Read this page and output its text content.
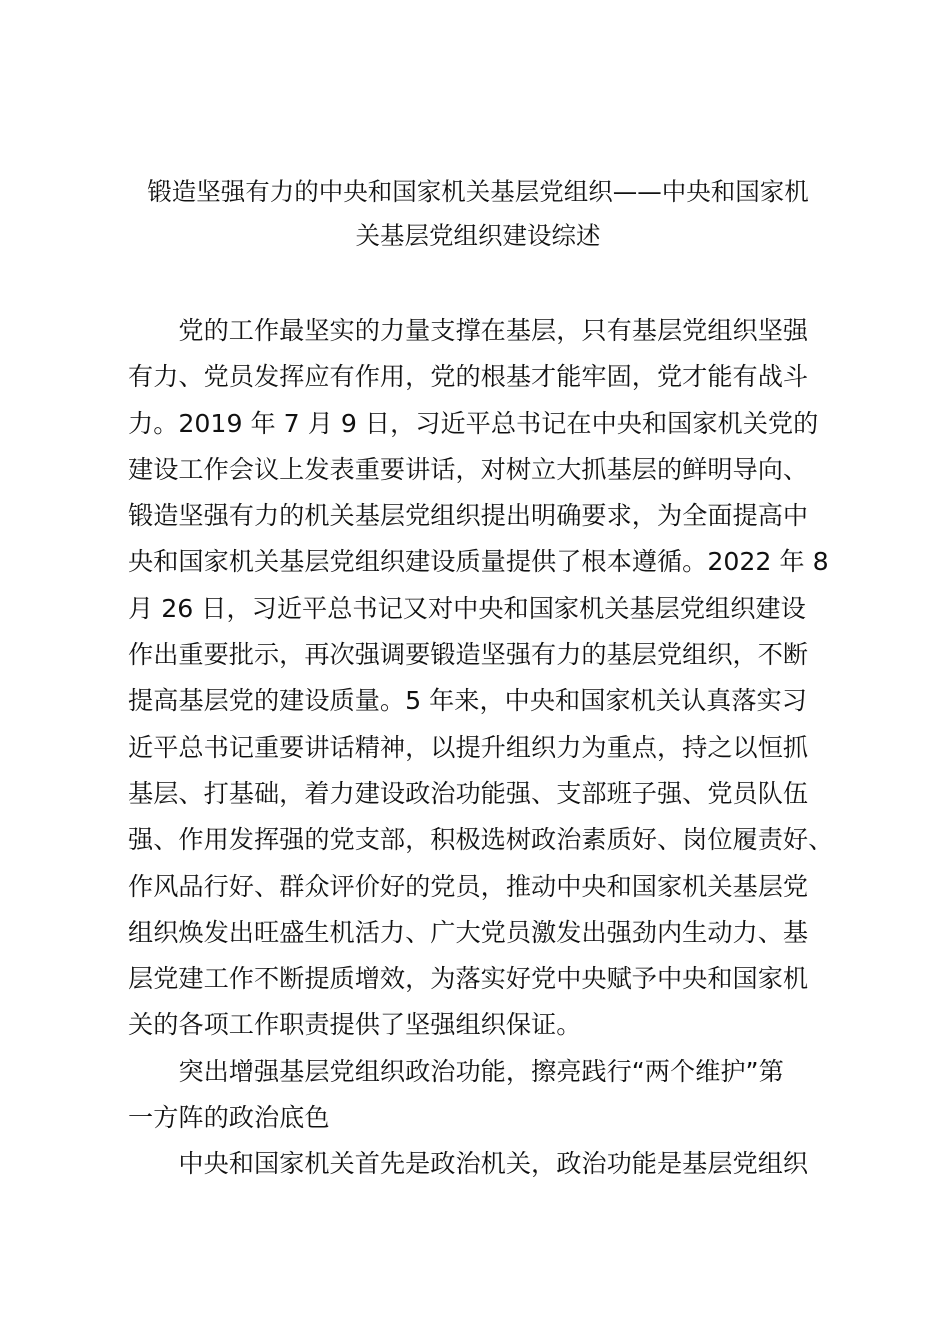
锻造坚强有力的中央和国家机关基层党组织——中央和国家机
关基层党组织建设综述
　　党的工作最坚实的力量支撑在基层，只有基层党组织坚强
有力、党员发挥应有作用，党的根基才能牢固，党才能有战斗
力。2019 年 7 月 9 日，习近平总书记在中央和国家机关党的
建设工作会议上发表重要讲话，对树立大抓基层的鲜明导向、
锻造坚强有力的机关基层党组织提出明确要求，为全面提高中
央和国家机关基层党组织建设质量提供了根本遵循。2022 年 8
月 26 日，习近平总书记又对中央和国家机关基层党组织建设
作出重要批示，再次强调要锻造坚强有力的基层党组织，不断
提高基层党的建设质量。5 年来，中央和国家机关认真落实习
近平总书记重要讲话精神，以提升组织力为重点，持之以恒抓
基层、打基础，着力建设政治功能强、支部班子强、党员队伍
强、作用发挥强的党支部，积极选树政治素质好、岗位履责好、
作风品行好、群众评价好的党员，推动中央和国家机关基层党
组织焕发出旺盛生机活力、广大党员激发出强劲内生动力、基
层党建工作不断提质增效，为落实好党中央赋予中央和国家机
关的各项工作职责提供了坚强组织保证。
　　突出增强基层党组织政治功能，擦亮践行“两个维护”第
一方阵的政治底色
　　中央和国家机关首先是政治机关，政治功能是基层党组织
